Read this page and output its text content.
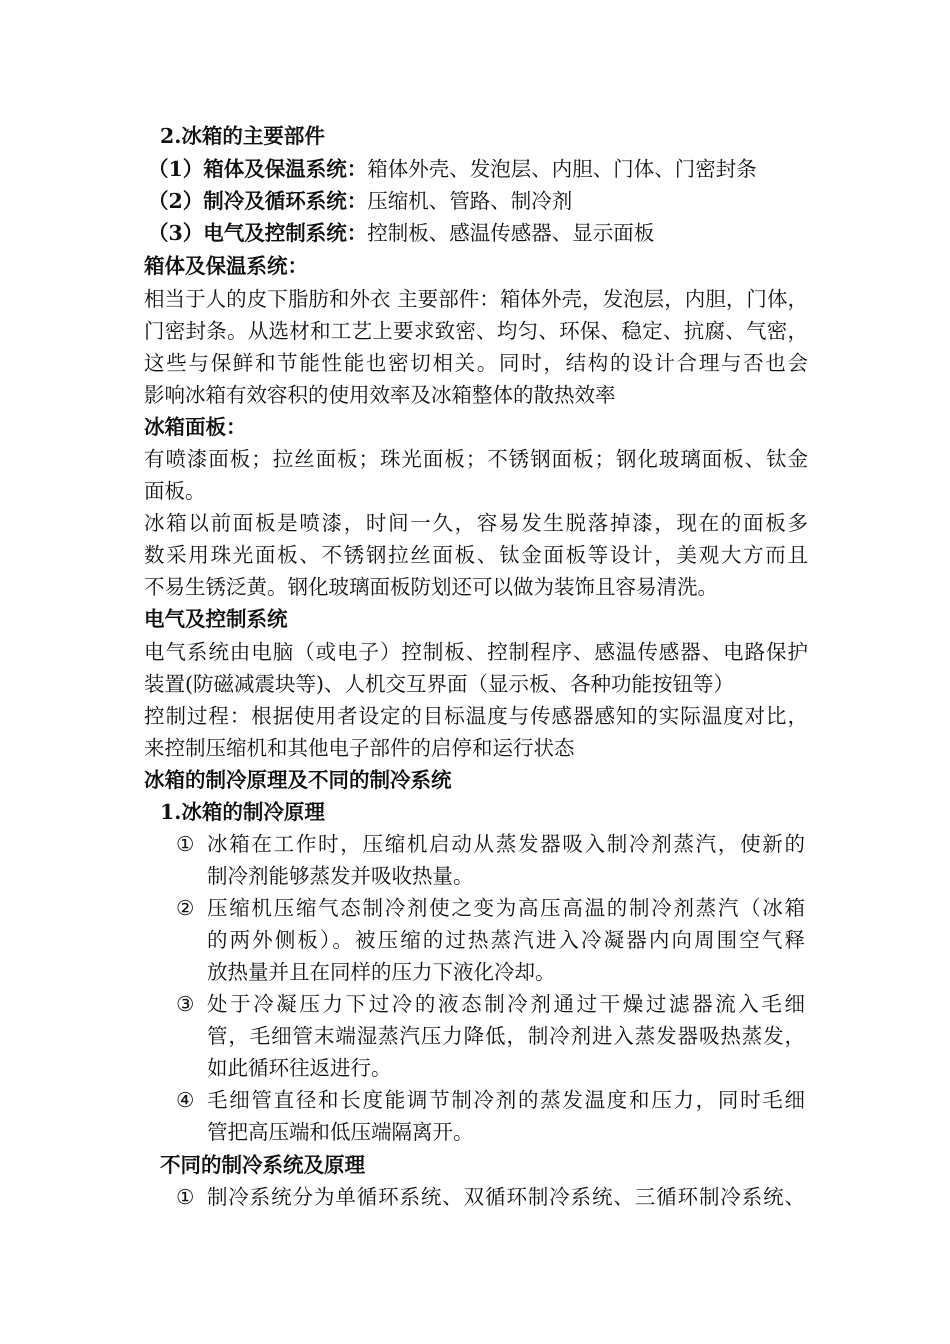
2.冰箱的主要部件
（1）箱体及保温系统：箱体外壳、发泡层、内胆、门体、门密封条
（2）制冷及循环系统：压缩机、管路、制冷剂
（3）电气及控制系统：控制板、感温传感器、显示面板
箱体及保温系统：
相当于人的皮下脂肪和外衣 主要部件：箱体外壳，发泡层，内胆，门体，
门密封条。从选材和工艺上要求致密、均匀、环保、稳定、抗腐、气密，
这些与保鲜和节能性能也密切相关。同时，结构的设计合理与否也会
影响冰箱有效容积的使用效率及冰箱整体的散热效率
冰箱面板：
有喷漆面板；拉丝面板；珠光面板；不锈钢面板；钢化玻璃面板、钛金
面板。
冰箱以前面板是喷漆，时间一久，容易发生脱落掉漆，现在的面板多
数采用珠光面板、不锈钢拉丝面板、钛金面板等设计，美观大方而且
不易生锈泛黄。钢化玻璃面板防划还可以做为装饰且容易清洗。
电气及控制系统
电气系统由电脑（或电子）控制板、控制程序、感温传感器、电路保护
装置(防磁减震块等)、人机交互界面（显示板、各种功能按钮等）
控制过程：根据使用者设定的目标温度与传感器感知的实际温度对比，
来控制压缩机和其他电子部件的启停和运行状态
冰箱的制冷原理及不同的制冷系统
1.冰箱的制冷原理
① 冰箱在工作时，压缩机启动从蒸发器吸入制冷剂蒸汽，使新的
制冷剂能够蒸发并吸收热量。
② 压缩机压缩气态制冷剂使之变为高压高温的制冷剂蒸汽（冰箱
的两外侧板）。被压缩的过热蒸汽进入冷凝器内向周围空气释
放热量并且在同样的压力下液化冷却。
③ 处于冷凝压力下过冷的液态制冷剂通过干燥过滤器流入毛细
管，毛细管末端湿蒸汽压力降低，制冷剂进入蒸发器吸热蒸发，
如此循环往返进行。
④ 毛细管直径和长度能调节制冷剂的蒸发温度和压力，同时毛细
管把高压端和低压端隔离开。
不同的制冷系统及原理
① 制冷系统分为单循环系统、双循环制冷系统、三循环制冷系统、
